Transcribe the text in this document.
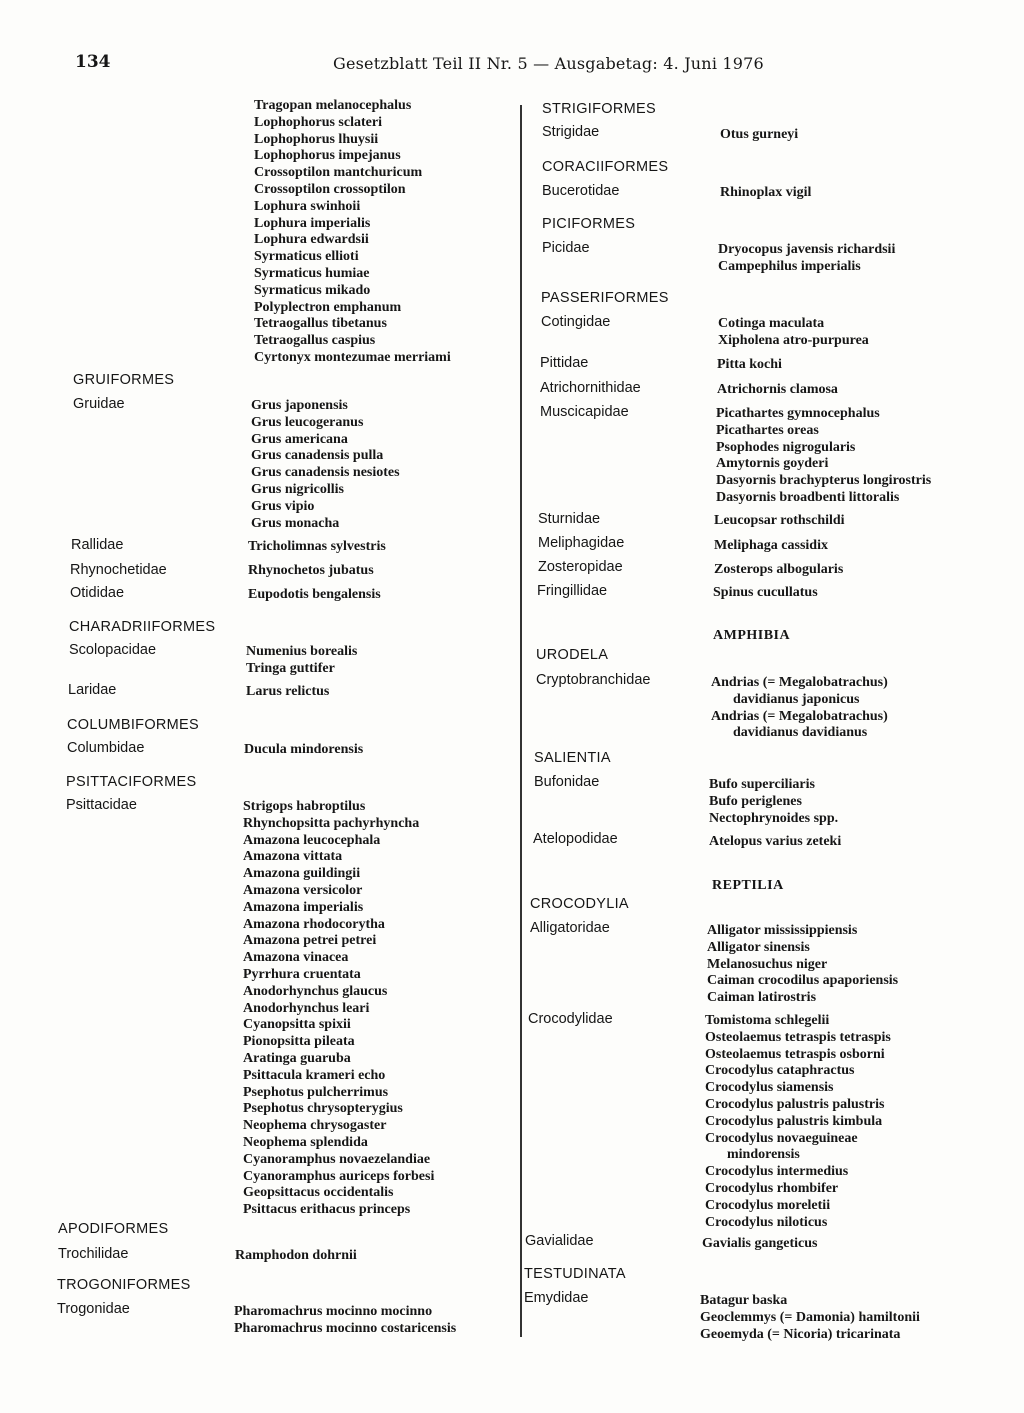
134	Gesetzblatt Teil II Nr. 5 — Ausgabetag: 4. Juni 1976
Tragopan melanocephalus
Lophophorus sclateri
Lophophorus lhuysii
Lophophorus impejanus
Crossoptilon mantchuricum
Crossoptilon crossoptilon
Lophura swinhoii
Lophura imperialis
Lophura edwardsii
Syrmaticus ellioti
Syrmaticus humiae
Syrmaticus mikado
Polyplectron emphanum
Tetraogallus tibetanus
Tetraogallus caspius
Cyrtonyx montezumae merriami
GRUIFORMES
Gruidae	Grus japonensis
Grus leucogeranus
Grus americana
Grus canadensis pulla
Grus canadensis nesiotes
Grus nigricollis
Grus vipio
Grus monacha
Rallidae	Tricholimnas sylvestris
Rhynochetidae	Rhynochetos jubatus
Otididae	Eupodotis bengalensis
CHARADRIIFORMES
Scolopacidae	Numenius borealis
Tringa guttifer
Laridae	Larus relictus
COLUMBIFORMES
Columbidae	Ducula mindorensis
PSITTACIFORMES
Psittacidae	Strigops habroptilus
Rhynchopsitta pachyrhyncha
Amazona leucocephala
Amazona vittata
Amazona guildingii
Amazona versicolor
Amazona imperialis
Amazona rhodocorytha
Amazona petrei petrei
Amazona vinacea
Pyrrhura cruentata
Anodorhynchus glaucus
Anodorhynchus leari
Cyanopsitta spixii
Pionopsitta pileata
Aratinga guaruba
Psittacula krameri echo
Psephotus pulcherrimus
Psephotus chrysopterygius
Neophema chrysogaster
Neophema splendida
Cyanoramphus novaezelandiae
Cyanoramphus auriceps forbesi
Geopsittacus occidentalis
Psittacus erithacus princeps
APODIFORMES
Trochilidae	Ramphodon dohrnii
TROGONIFORMES
Trogonidae	Pharomachrus mocinno mocinno
Pharomachrus mocinno costaricensis
STRIGIFORMES
Strigidae	Otus gurneyi
CORACIIFORMES
Bucerotidae	Rhinoplax vigil
PICIFORMES
Picidae	Dryocopus javensis richardsii
Campephilus imperialis
PASSERIFORMES
Cotingidae	Cotinga maculata
Xipholena atro-purpurea
Pittidae	Pitta kochi
Atrichornithidae	Atrichornis clamosa
Muscicapidae	Picathartes gymnocephalus
Picathartes oreas
Psophodes nigrogularis
Amytornis goyderi
Dasyornis brachypterus longirostris
Dasyornis broadbenti littoralis
Sturnidae	Leucopsar rothschildi
Meliphagidae	Meliphaga cassidix
Zosteropidae	Zosterops albogularis
Fringillidae	Spinus cucullatus
AMPHIBIA
URODELA
Cryptobranchidae	Andrias (= Megalobatrachus)
davidianus japonicus
Andrias (= Megalobatrachus)
davidianus davidianus
SALIENTIA
Bufonidae	Bufo superciliaris
Bufo periglenes
Nectophrynoides spp.
Atelopodidae	Atelopus varius zeteki
REPTILIA
CROCODYLIA
Alligatoridae	Alligator mississippiensis
Alligator sinensis
Melanosuchus niger
Caiman crocodilus apaporiensis
Caiman latirostris
Crocodylidae	Tomistoma schlegelii
Osteolaemus tetraspis tetraspis
Osteolaemus tetraspis osborni
Crocodylus cataphractus
Crocodylus siamensis
Crocodylus palustris palustris
Crocodylus palustris kimbula
Crocodylus novaeguineae
mindorensis
Crocodylus intermedius
Crocodylus rhombifer
Crocodylus moreletii
Crocodylus niloticus
Gavialidae	Gavialis gangeticus
TESTUDINATA
Emydidae	Batagur baska
Geoclemmys (= Damonia) hamiltonii
Geoemyda (= Nicoria) tricarinata
